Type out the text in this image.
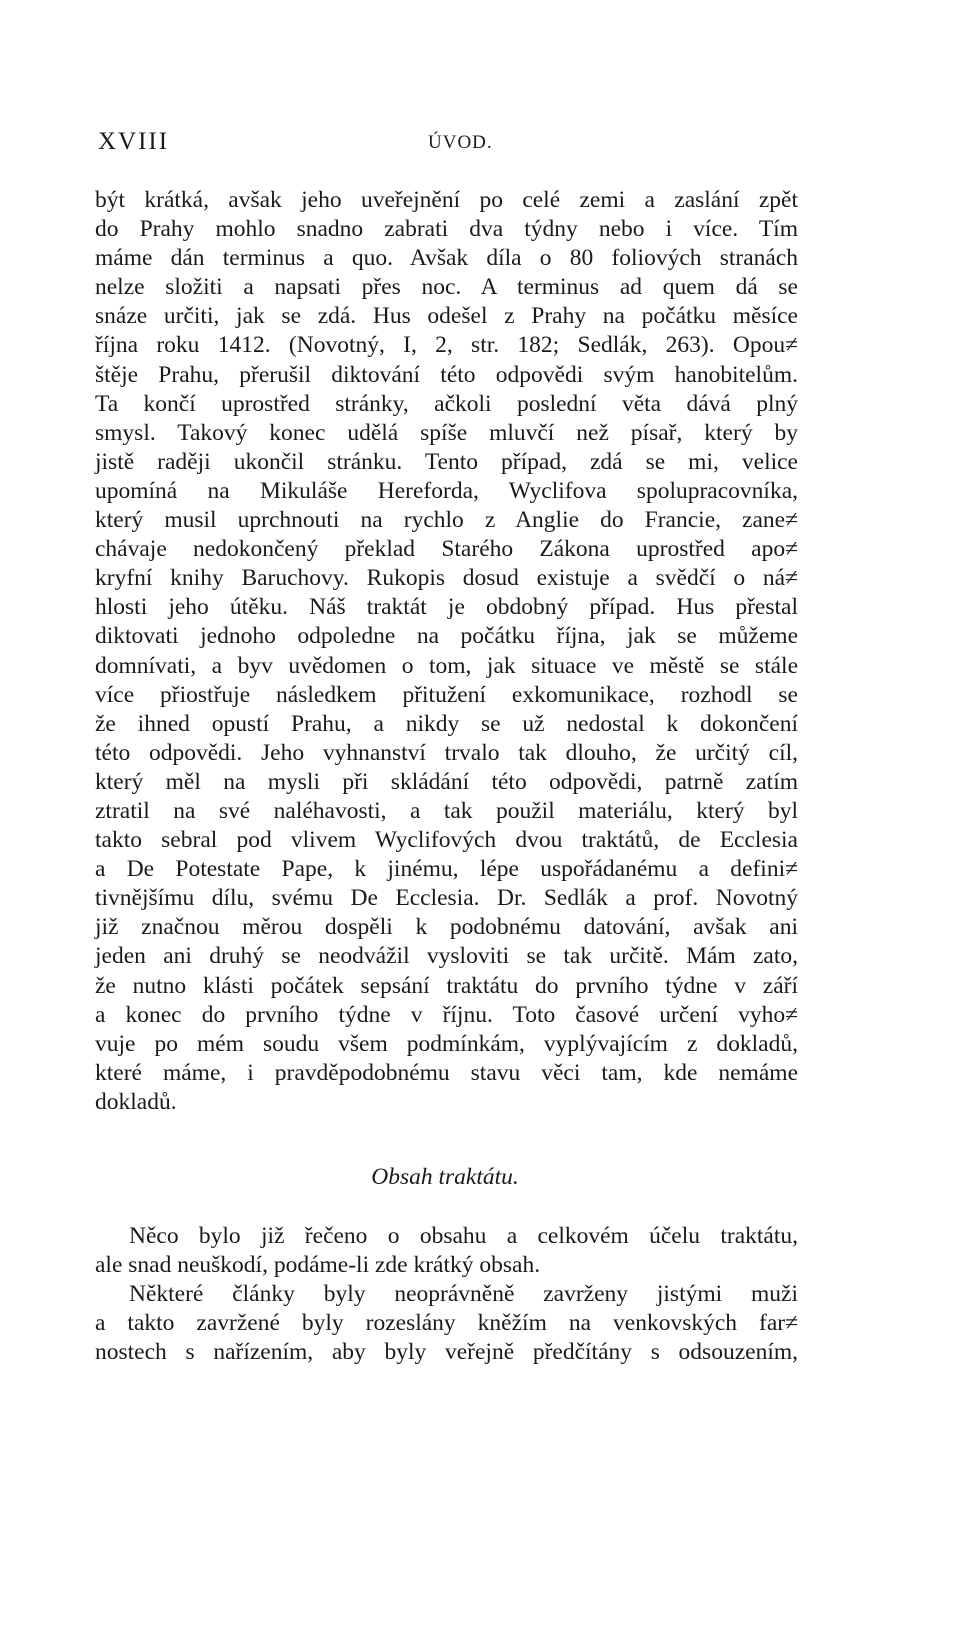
XVIII	ÚVOD.
být krátká, avšak jeho uveřejnění po celé zemi a zaslání zpět
do Prahy mohlo snadno zabrati dva týdny nebo i více. Tím
máme dán terminus a quo. Avšak díla o 80 foliových stranách
nelze složiti a napsati přes noc. A terminus ad quem dá se
snáze určiti, jak se zdá. Hus odešel z Prahy na počátku měsíce
října roku 1412. (Novotný, I, 2, str. 182; Sedlák, 263). Opou≠
štěje Prahu, přerušil diktování této odpovědi svým hanobitelům.
Ta končí uprostřed stránky, ačkoli poslední věta dává plný
smysl. Takový konec udělá spíše mluvčí než písař, který by
jistě raději ukončil stránku. Tento případ, zdá se mi, velice
upomíná na Mikuláše Hereforda, Wyclifova spolupracovníka,
který musil uprchnouti na rychlo z Anglie do Francie, zane≠
chávaje nedokončený překlad Starého Zákona uprostřed apo≠
kryfní knihy Baruchovy. Rukopis dosud existuje a svědčí o ná≠
hlosti jeho útěku. Náš traktát je obdobný případ. Hus přestal
diktovati jednoho odpoledne na počátku října, jak se můžeme
domnívati, a byv uvědomen o tom, jak situace ve městě se stále
více přiostřuje následkem přitužení exkomunikace, rozhodl se
že ihned opustí Prahu, a nikdy se už nedostal k dokončení
této odpovědi. Jeho vyhnanství trvalo tak dlouho, že určitý cíl,
který měl na mysli při skládání této odpovědi, patrně zatím
ztratil na své naléhavosti, a tak použil materiálu, který byl
takto sebral pod vlivem Wyclifových dvou traktátů, de Ecclesia
a De Potestate Pape, k jinému, lépe uspořádanému a defini≠
tivnějšímu dílu, svému De Ecclesia. Dr. Sedlák a prof. Novotný
již značnou měrou dospěli k podobnému datování, avšak ani
jeden ani druhý se neodvážil vysloviti se tak určitě. Mám zato,
že nutno klásti počátek sepsání traktátu do prvního týdne v září
a konec do prvního týdne v říjnu. Toto časové určení vyho≠
vuje po mém soudu všem podmínkám, vyplývajícím z dokladů,
které máme, i pravděpodobnému stavu věci tam, kde nemáme
dokladů.
Obsah traktátu.
Něco bylo již řečeno o obsahu a celkovém účelu traktátu,
ale snad neuškodí, podáme-li zde krátký obsah.
Některé články byly neoprávněně zavrženy jistými muži
a takto zavržené byly rozeslány kněžím na venkovských far≠
nostech s nařízením, aby byly veřejně předčítány s odsouzením,
